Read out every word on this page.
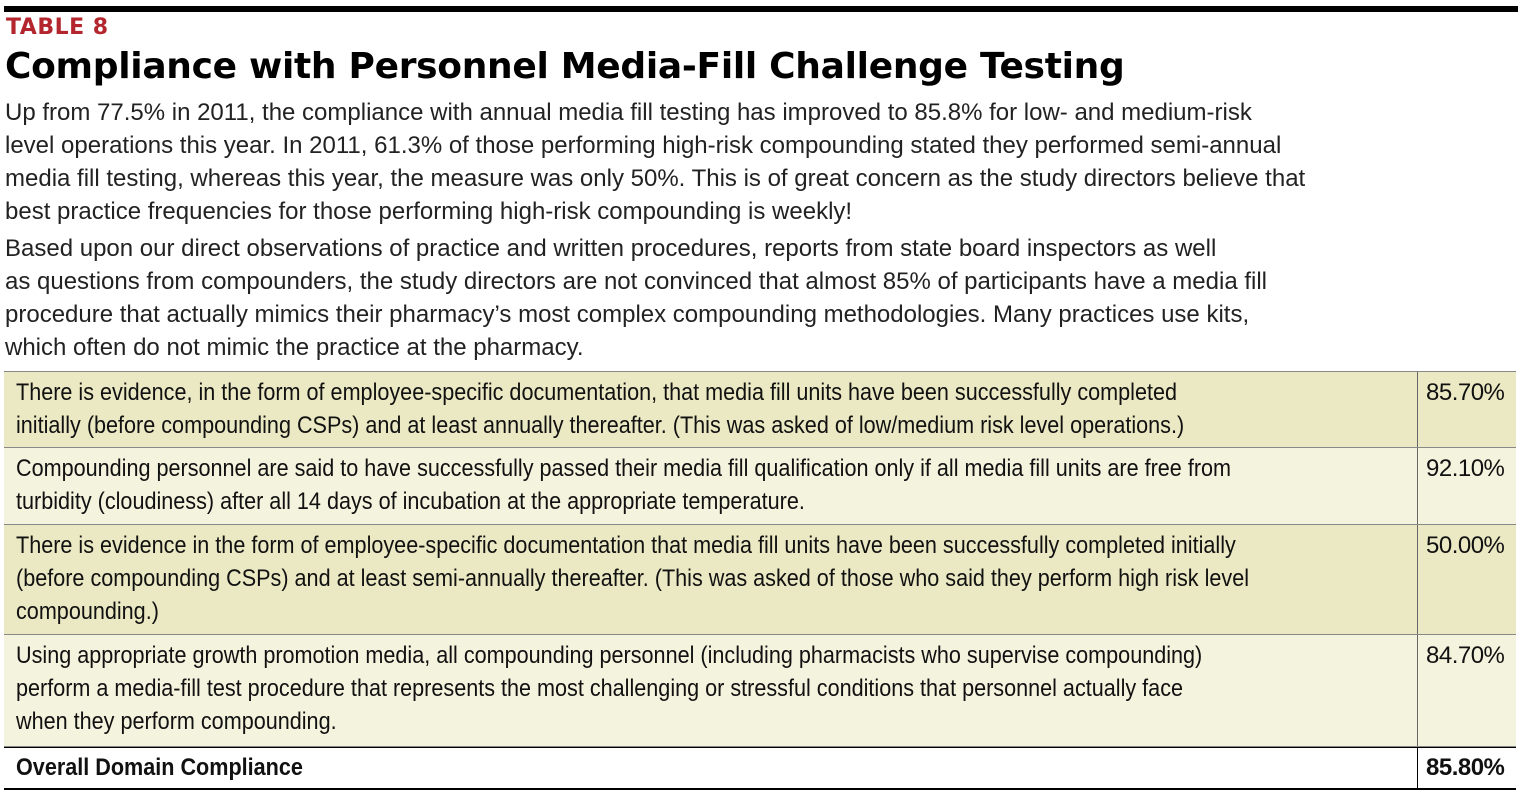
TABLE 8
Compliance with Personnel Media-Fill Challenge Testing
Up from 77.5% in 2011, the compliance with annual media fill testing has improved to 85.8% for low- and medium-risk
level operations this year. In 2011, 61.3% of those performing high-risk compounding stated they performed semi-annual
media fill testing, whereas this year, the measure was only 50%. This is of great concern as the study directors believe that
best practice frequencies for those performing high-risk compounding is weekly!
Based upon our direct observations of practice and written procedures, reports from state board inspectors as well
as questions from compounders, the study directors are not convinced that almost 85% of participants have a media fill
procedure that actually mimics their pharmacy’s most complex compounding methodologies. Many practices use kits,
which often do not mimic the practice at the pharmacy.
There is evidence, in the form of employee-specific documentation, that media fill units have been successfully completed
initially (before compounding CSPs) and at least annually thereafter. (This was asked of low/medium risk level operations.)
85.70%
Compounding personnel are said to have successfully passed their media fill qualification only if all media fill units are free from
turbidity (cloudiness) after all 14 days of incubation at the appropriate temperature.
92.10%
There is evidence in the form of employee-specific documentation that media fill units have been successfully completed initially
(before compounding CSPs) and at least semi-annually thereafter. (This was asked of those who said they perform high risk level
compounding.)
50.00%
Using appropriate growth promotion media, all compounding personnel (including pharmacists who supervise compounding)
perform a media-fill test procedure that represents the most challenging or stressful conditions that personnel actually face
when they perform compounding.
84.70%
Overall Domain Compliance	85.80%
